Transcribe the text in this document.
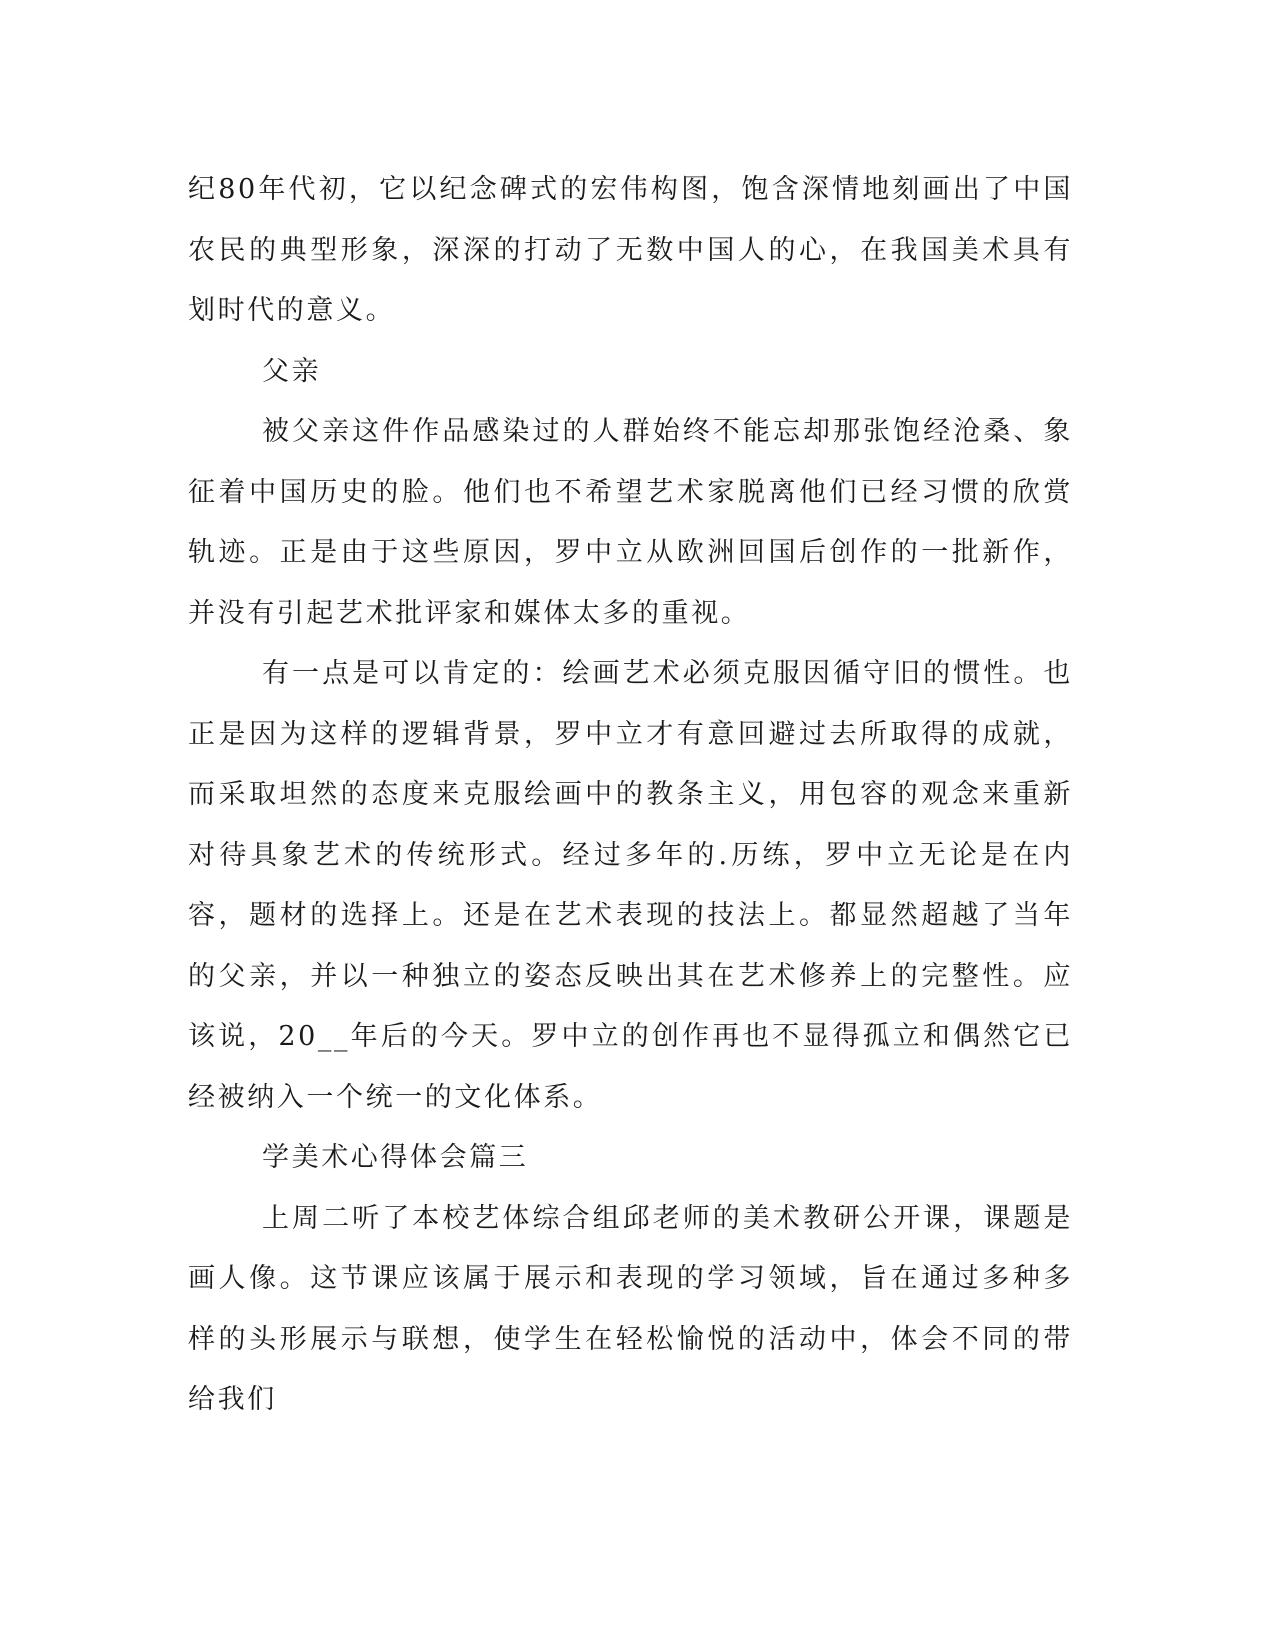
纪80年代初，它以纪念碑式的宏伟构图，饱含深情地刻画出了中国农民的典型形象，深深的打动了无数中国人的心，在我国美术具有划时代的意义。

父亲

被父亲这件作品感染过的人群始终不能忘却那张饱经沧桑、象征着中国历史的脸。他们也不希望艺术家脱离他们已经习惯的欣赏轨迹。正是由于这些原因，罗中立从欧洲回国后创作的一批新作，并没有引起艺术批评家和媒体太多的重视。

有一点是可以肯定的：绘画艺术必须克服因循守旧的惯性。也正是因为这样的逻辑背景，罗中立才有意回避过去所取得的成就，而采取坦然的态度来克服绘画中的教条主义，用包容的观念来重新对待具象艺术的传统形式。经过多年的.历练，罗中立无论是在内容，题材的选择上。还是在艺术表现的技法上。都显然超越了当年的父亲，并以一种独立的姿态反映出其在艺术修养上的完整性。应该说，20__年后的今天。罗中立的创作再也不显得孤立和偶然它已经被纳入一个统一的文化体系。

学美术心得体会篇三

上周二听了本校艺体综合组邱老师的美术教研公开课，课题是画人像。这节课应该属于展示和表现的学习领域，旨在通过多种多样的头形展示与联想，使学生在轻松愉悦的活动中，体会不同的带给我们
